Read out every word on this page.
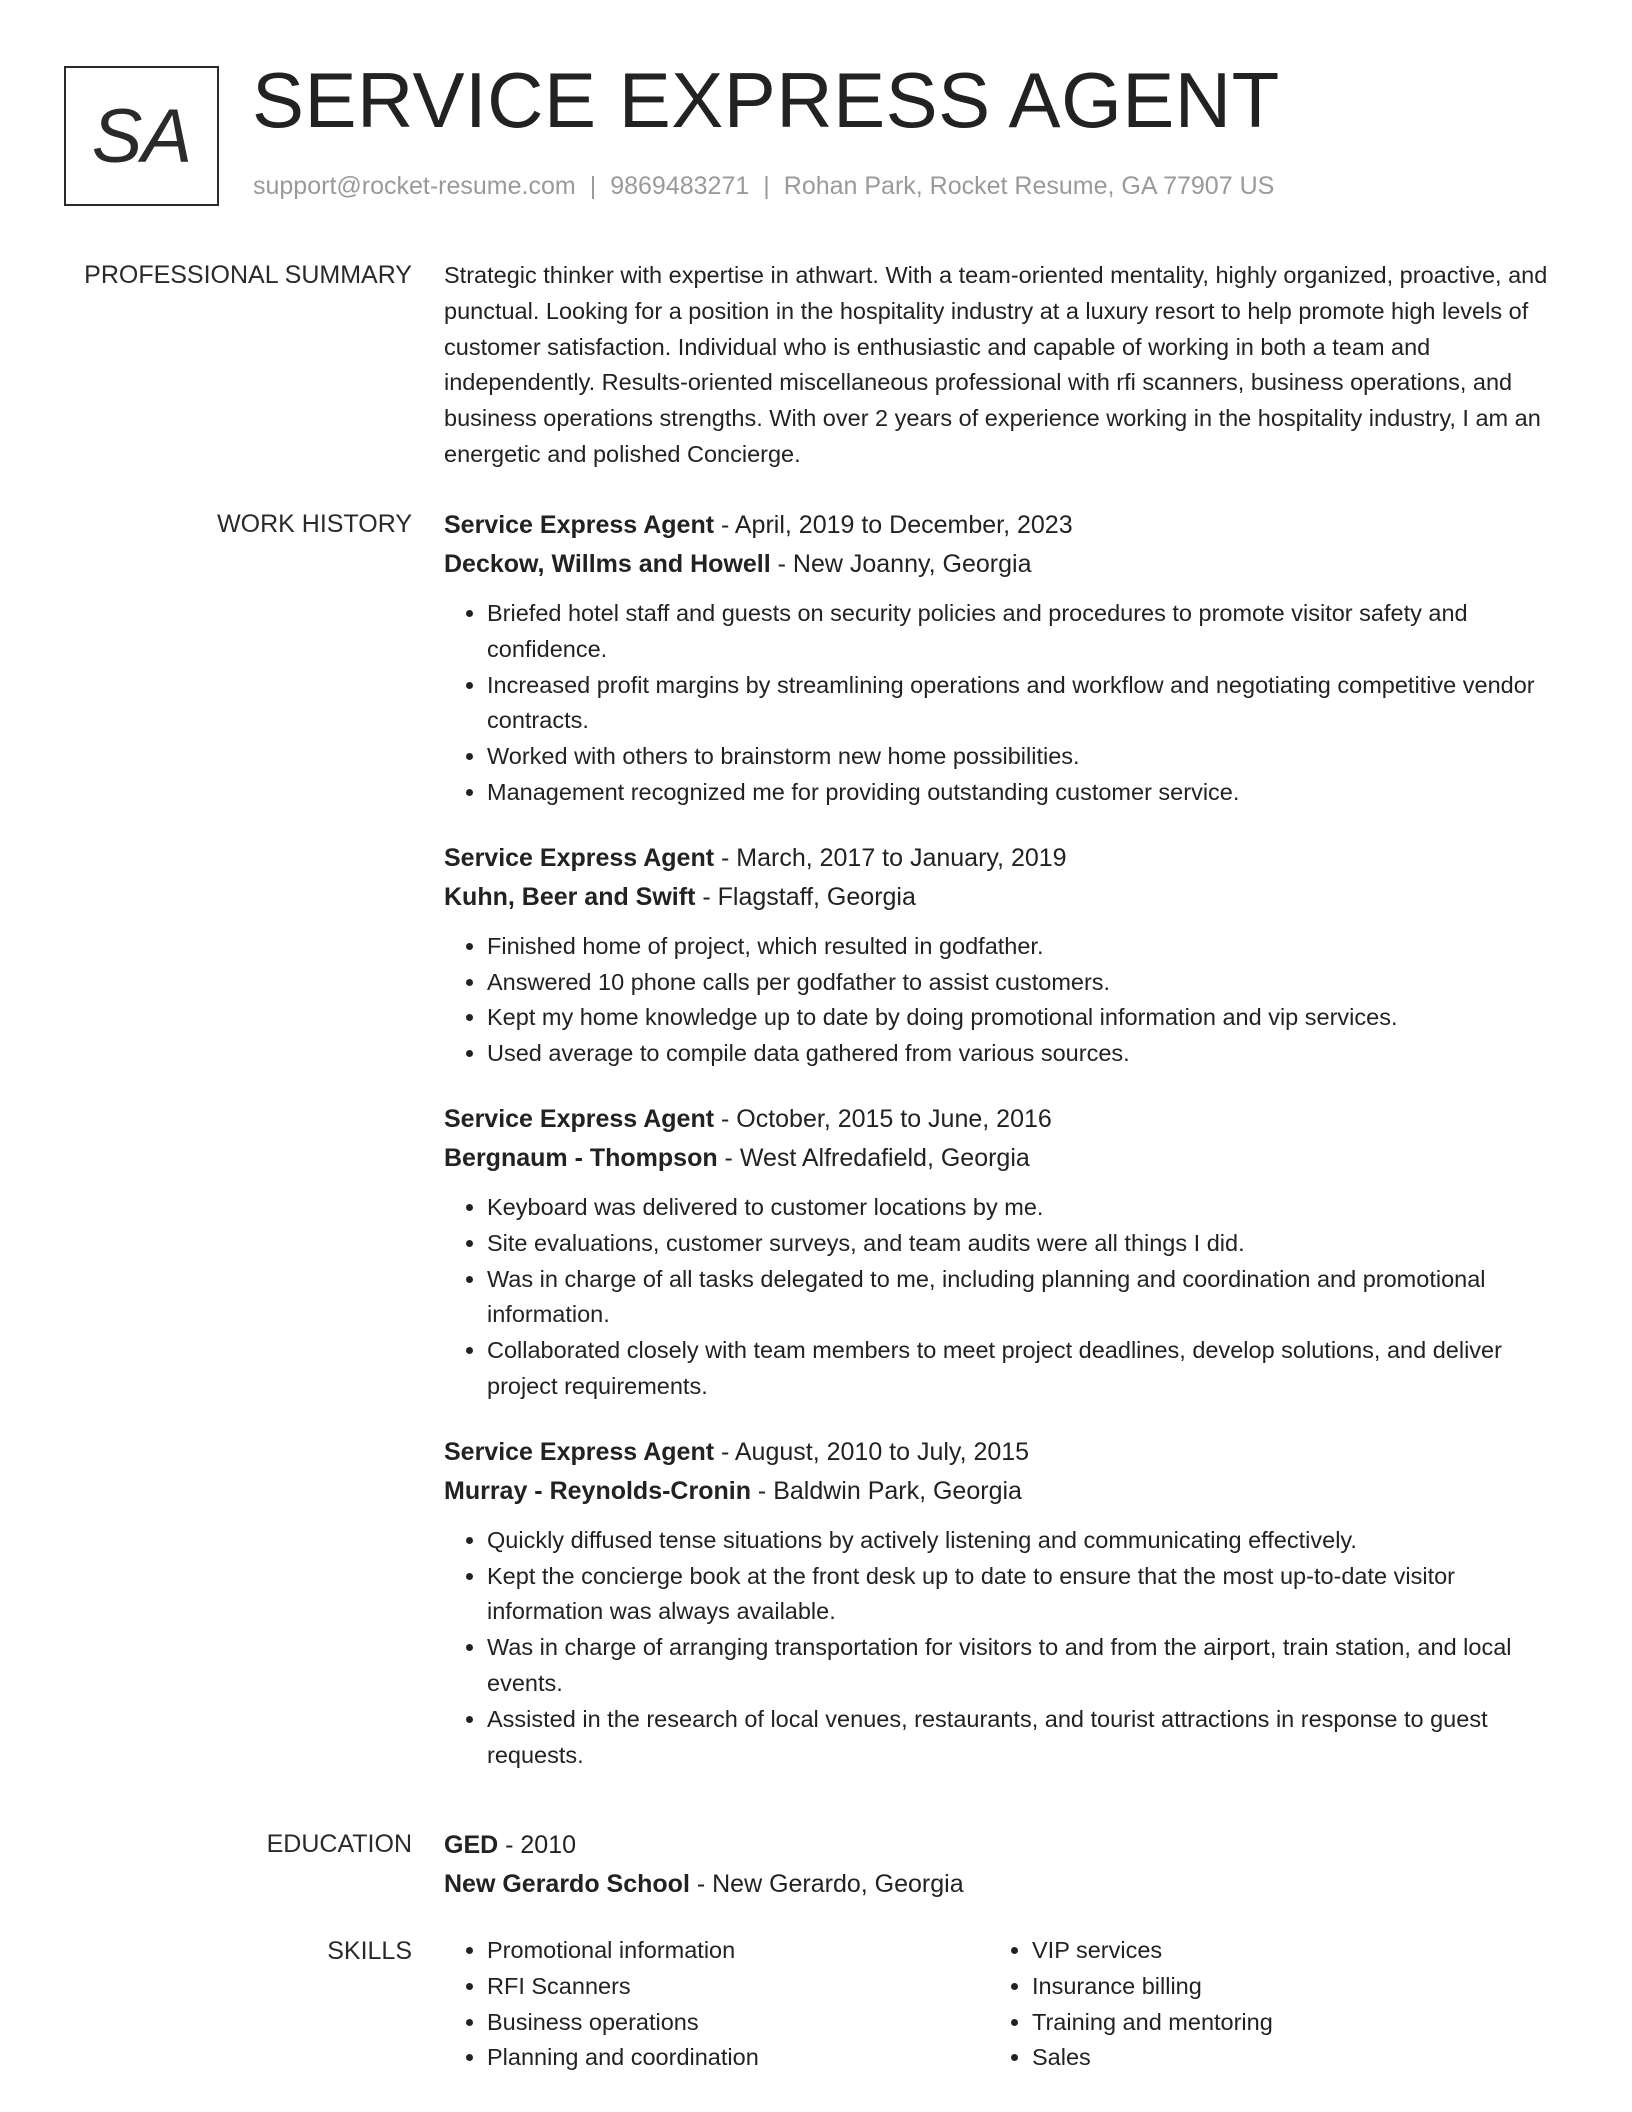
SA SERVICE EXPRESS AGENT
support@rocket-resume.com | 9869483271 | Rohan Park, Rocket Resume, GA 77907 US
PROFESSIONAL SUMMARY Strategic thinker with expertise in athwart. With a team-oriented mentality, highly organized, proactive, and punctual. Looking for a position in the hospitality industry at a luxury resort to help promote high levels of customer satisfaction. Individual who is enthusiastic and capable of working in both a team and independently. Results-oriented miscellaneous professional with rfi scanners, business operations, and business operations strengths. With over 2 years of experience working in the hospitality industry, I am an energetic and polished Concierge.

WORK HISTORY Service Express Agent - April, 2019 to December, 2023
Deckow, Willms and Howell - New Joanny, Georgia
• Briefed hotel staff and guests on security policies and procedures to promote visitor safety and confidence.
• Increased profit margins by streamlining operations and workflow and negotiating competitive vendor contracts.
• Worked with others to brainstorm new home possibilities.
• Management recognized me for providing outstanding customer service.
Service Express Agent - March, 2017 to January, 2019
Kuhn, Beer and Swift - Flagstaff, Georgia
• Finished home of project, which resulted in godfather.
• Answered 10 phone calls per godfather to assist customers.
• Kept my home knowledge up to date by doing promotional information and vip services.
• Used average to compile data gathered from various sources.
Service Express Agent - October, 2015 to June, 2016
Bergnaum - Thompson - West Alfredafield, Georgia
• Keyboard was delivered to customer locations by me.
• Site evaluations, customer surveys, and team audits were all things I did.
• Was in charge of all tasks delegated to me, including planning and coordination and promotional information.
• Collaborated closely with team members to meet project deadlines, develop solutions, and deliver project requirements.
Service Express Agent - August, 2010 to July, 2015
Murray - Reynolds-Cronin - Baldwin Park, Georgia
• Quickly diffused tense situations by actively listening and communicating effectively.
• Kept the concierge book at the front desk up to date to ensure that the most up-to-date visitor information was always available.
• Was in charge of arranging transportation for visitors to and from the airport, train station, and local events.
• Assisted in the research of local venues, restaurants, and tourist attractions in response to guest requests.
EDUCATION GED - 2010
New Gerardo School - New Gerardo, Georgia
SKILLS
•	Promotional information
• RFI Scanners
• Business operations
• Planning and coordination
• VIP services
• Insurance billing
• Training and mentoring
• Sales
